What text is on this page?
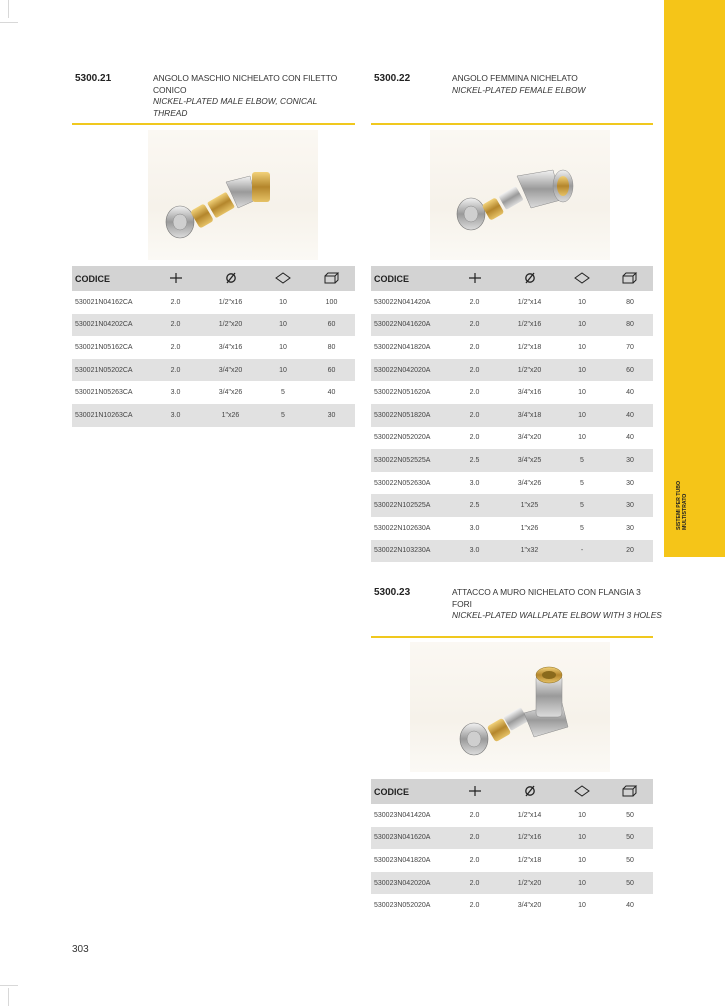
SISTEMI PER TUBO MULTISTRATO
5300.21	ANGOLO MASCHIO NICHELATO CON FILETTO CONICO
NICKEL-PLATED MALE ELBOW, CONICAL THREAD
CODICE				
530021N04162CA	2.0	1/2"x16	10	100
530021N04202CA	2.0	1/2"x20	10	60
530021N05162CA	2.0	3/4"x16	10	80
530021N05202CA	2.0	3/4"x20	10	60
530021N05263CA	3.0	3/4"x26	5	40
530021N10263CA	3.0	1"x26	5	30
5300.22	ANGOLO FEMMINA NICHELATO
NICKEL-PLATED FEMALE ELBOW
CODICE				
530022N041420A	2.0	1/2"x14	10	80
530022N041620A	2.0	1/2"x16	10	80
530022N041820A	2.0	1/2"x18	10	70
530022N042020A	2.0	1/2"x20	10	60
530022N051620A	2.0	3/4"x16	10	40
530022N051820A	2.0	3/4"x18	10	40
530022N052020A	2.0	3/4"x20	10	40
530022N052525A	2.5	3/4"x25	5	30
530022N052630A	3.0	3/4"x26	5	30
530022N102525A	2.5	1"x25	5	30
530022N102630A	3.0	1"x26	5	30
530022N103230A	3.0	1"x32	-	20
5300.23	ATTACCO A MURO NICHELATO CON FLANGIA 3 FORI
NICKEL-PLATED WALLPLATE ELBOW WITH 3 HOLES
CODICE				
530023N041420A	2.0	1/2"x14	10	50
530023N041620A	2.0	1/2"x16	10	50
530023N041820A	2.0	1/2"x18	10	50
530023N042020A	2.0	1/2"x20	10	50
530023N052020A	2.0	3/4"x20	10	40
303
